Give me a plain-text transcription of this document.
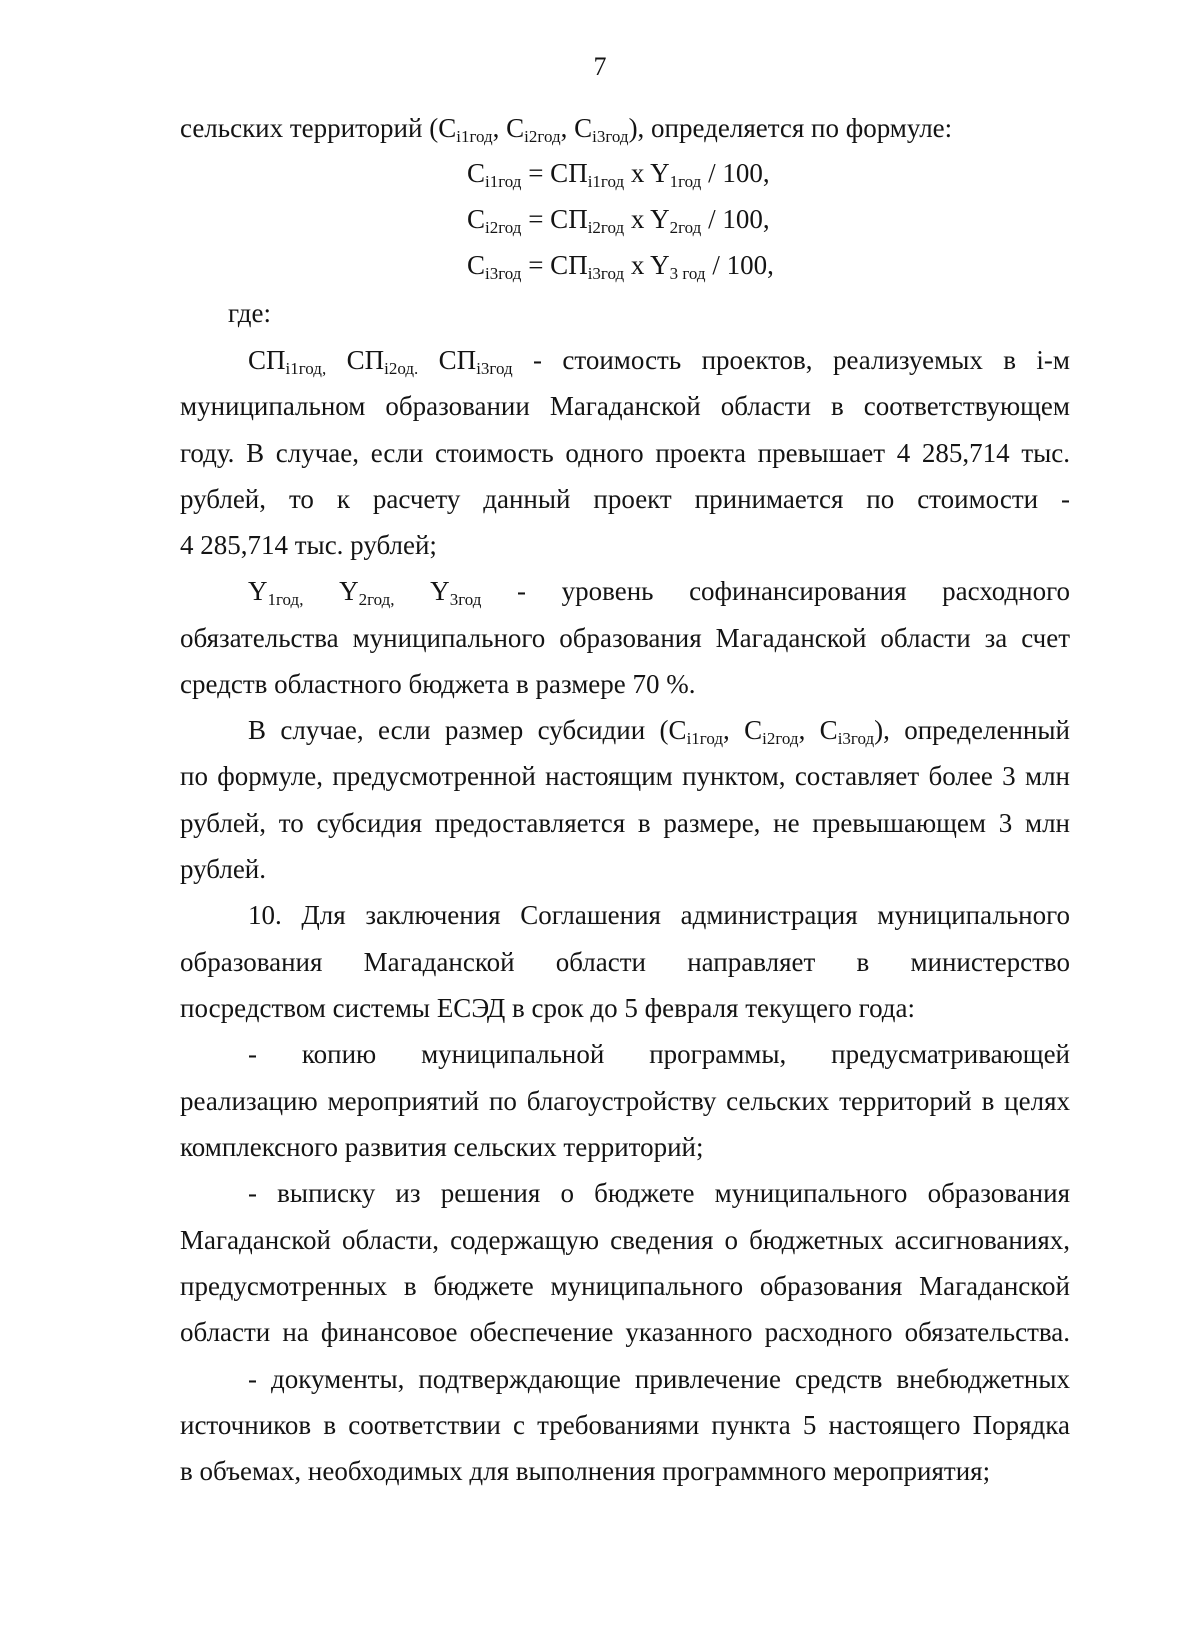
7
сельских территорий ($C_{i1год}$, $C_{i2год}$, $C_{i3год}$), определяется по формуле:
$C_{i1год} = СП_{i1год}$ x $Y_{1год} / 100$,
$C_{i2год} = СП_{i2год}$ x $Y_{2год} / 100$,
$C_{i3год} = СП_{i3год}$ x $Y_{3 год} / 100$,
где:
$СП_{i1год,}$ $СП_{i2од.}$ $СП_{i3год}$ - стоимость проектов, реализуемых в i-м
муниципальном образовании Магаданской области в соответствующем
году. В случае, если стоимость одного проекта превышает 4 285,714 тыс.
рублей, то к расчету данный проект принимается по стоимости -
4 285,714 тыс. рублей;
$Y_{1год,}$ $Y_{2год,}$ $Y_{3год}$ - уровень софинансирования расходного
обязательства муниципального образования Магаданской области за счет
средств областного бюджета в размере 70 %.
В случае, если размер субсидии ($C_{i1год}$, $C_{i2год}$, $C_{i3год}$), определенный
по формуле, предусмотренной настоящим пунктом, составляет более 3 млн
рублей, то субсидия предоставляется в размере, не превышающем 3 млн
рублей.
10. Для заключения Соглашения администрация муниципального
образования Магаданской области направляет в министерство
посредством системы ЕСЭД в срок до 5 февраля текущего года:
- копию муниципальной программы, предусматривающей
реализацию мероприятий по благоустройству сельских территорий в целях
комплексного развития сельских территорий;
- выписку из решения о бюджете муниципального образования
Магаданской области, содержащую сведения о бюджетных ассигнованиях,
предусмотренных в бюджете муниципального образования Магаданской
области на финансовое обеспечение указанного расходного обязательства.
- документы, подтверждающие привлечение средств внебюджетных
источников в соответствии с требованиями пункта 5 настоящего Порядка
в объемах, необходимых для выполнения программного мероприятия;
